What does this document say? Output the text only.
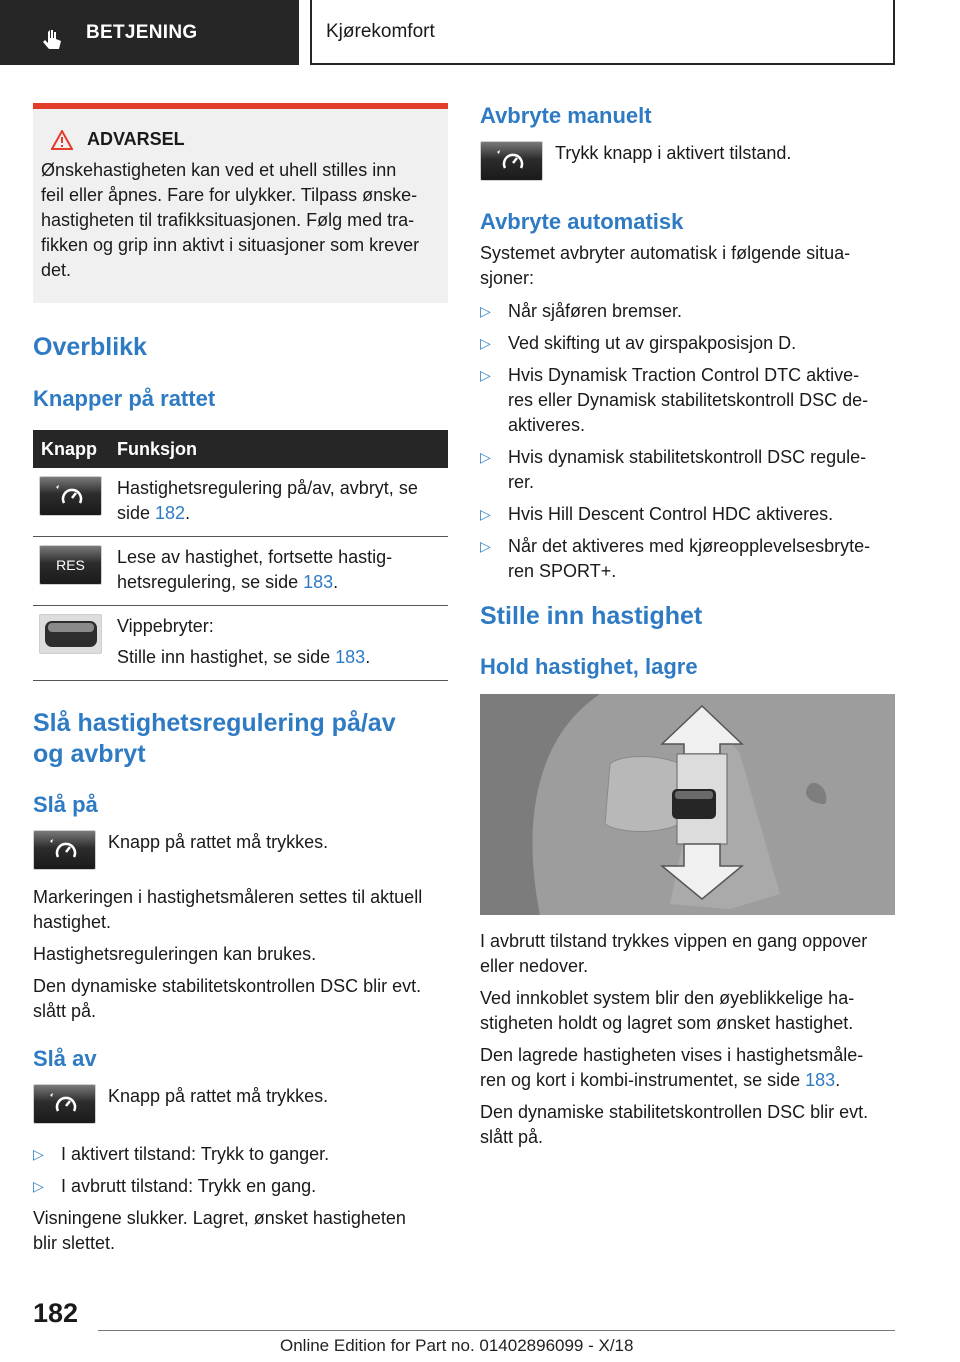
BETJENING	Kjørekomfort
ADVARSEL
Ønskehastigheten kan ved et uhell stilles inn
feil eller åpnes. Fare for ulykker. Tilpass ønske-
hastigheten til trafikksituasjonen. Følg med tra-
fikken og grip inn aktivt i situasjoner som krever
det.
Overblikk
Knapper på rattet
Knapp	Funksjon
Hastighetsregulering på/av, avbryt, se
side 182.
RES Lese av hastighet, fortsette hastig-
hetsregulering, se side 183.
Vippebryter:
Stille inn hastighet, se side 183.
Slå hastighetsregulering på/av
og avbryt
Slå på

Knapp på rattet må trykkes.

Markeringen i hastighetsmåleren settes til aktuell

hastighet.

Hastighetsreguleringen kan brukes.

Den dynamiske stabilitetskontrollen DSC blir evt.

slått på.

Slå av

Knapp på rattet må trykkes.

▷ I aktivert tilstand: Trykk to ganger.
▷ I avbrutt tilstand: Trykk en gang.

Visningene slukker. Lagret, ønsket hastigheten

blir slettet.

Avbryte manuelt

Trykk knapp i aktivert tilstand.

Avbryte automatisk

Systemet avbryter automatisk i følgende situa-

sjoner:

▷ Når sjåføren bremser.
▷ Ved skifting ut av girspakposisjon D.
▷ Hvis Dynamisk Traction Control DTC aktive-
res eller Dynamisk stabilitetskontroll DSC de-
aktiveres.
▷ Hvis dynamisk stabilitetskontroll DSC regule-
rer.
▷ Hvis Hill Descent Control HDC aktiveres.
▷ Når det aktiveres med kjøreopplevelsesbryte-
ren SPORT+.
Stille inn hastighet
Hold hastighet, lagre

I avbrutt tilstand trykkes vippen en gang oppover

eller nedover.

Ved innkoblet system blir den øyeblikkelige ha-

stigheten holdt og lagret som ønsket hastighet.

Den lagrede hastigheten vises i hastighetsmåle-

ren og kort i kombi-instrumentet, se side 183.

Den dynamiske stabilitetskontrollen DSC blir evt.

slått på.

182
Online Edition for Part no. 01402896099 - X/18
